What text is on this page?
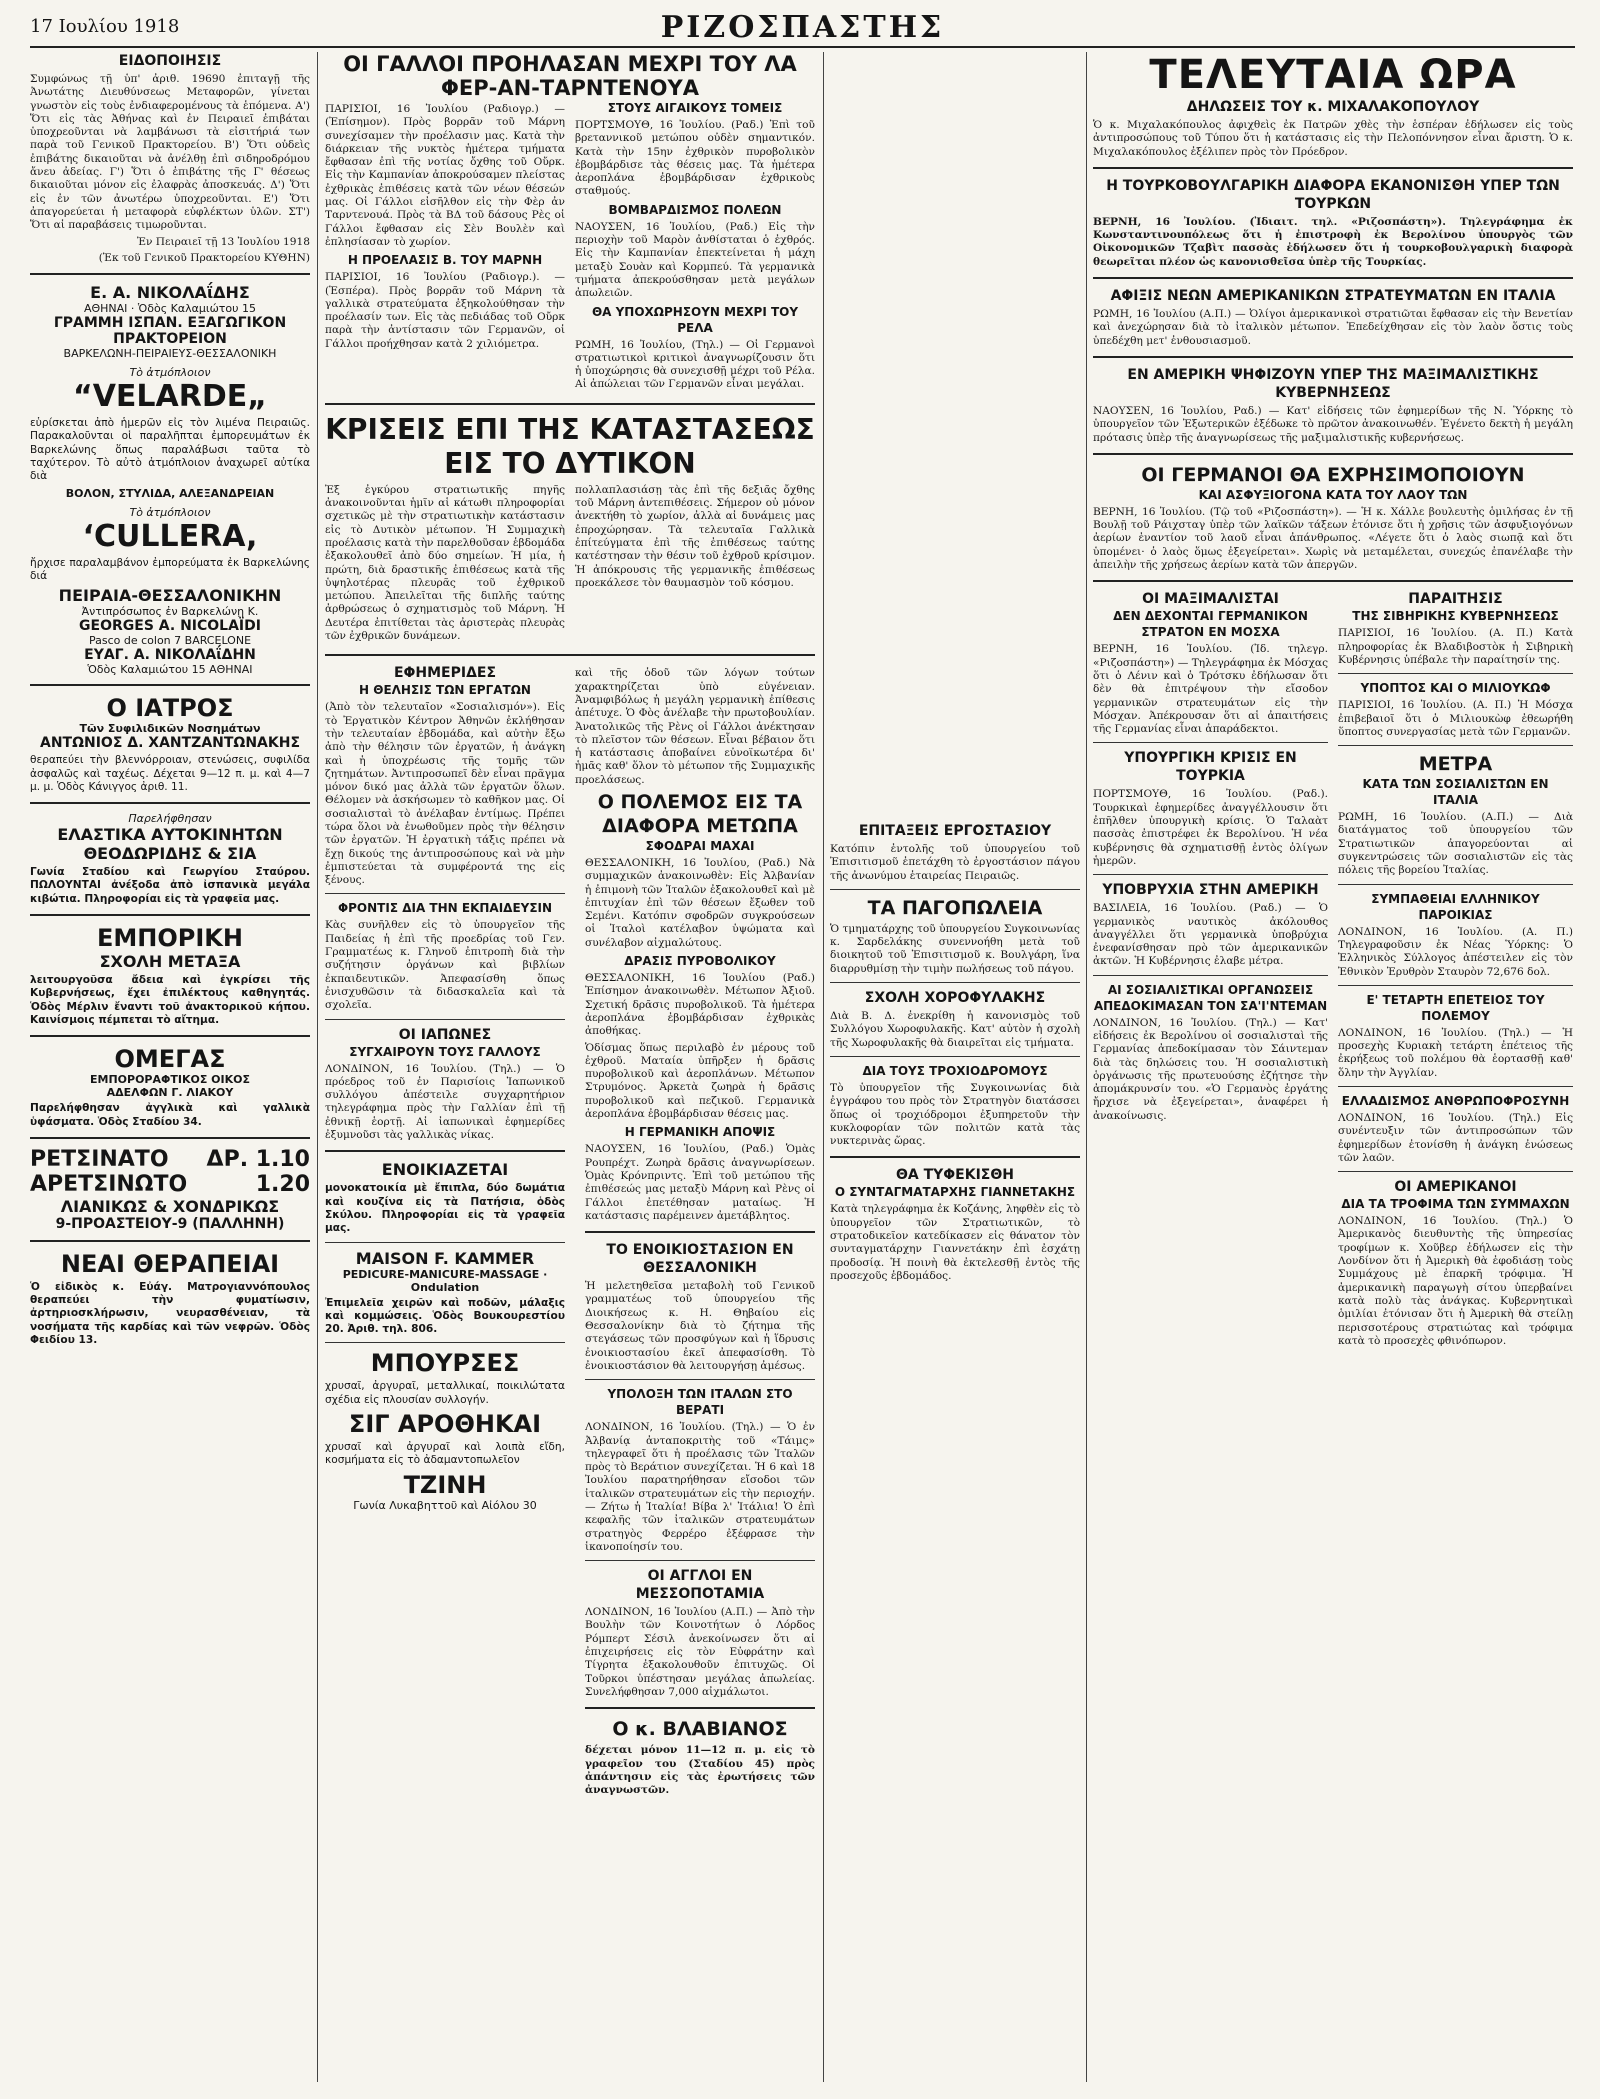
17 Ιουλίου 1918	ΡΙΖΟΣΠΑΣΤΗΣ
ΕΙΔΟΠΟΙΗΣΙΣ

Συμφώνως τῇ ὑπ' ἀριθ. 19690 ἐπιταγῇ τῆς Ἀνωτάτης Διευθύνσεως Μεταφορῶν, γίνεται γνωστὸν εἰς τοὺς ἐνδιαφερομένους τὰ ἑπόμενα. Α') Ὅτι εἰς τὰς Ἀθήνας καὶ ἐν Πειραιεῖ ἐπιβάται ὑποχρεοῦνται νὰ λαμβάνωσι τὰ εἰσιτήριά των παρὰ τοῦ Γενικοῦ Πρακτορείου. Β') Ὅτι οὐδεὶς ἐπιβάτης δικαιοῦται νὰ ἀνέλθῃ ἐπὶ σιδηροδρόμου ἄνευ ἀδείας. Γ') Ὅτι ὁ ἐπιβάτης τῆς Γ' θέσεως δικαιοῦται μόνον εἰς ἐλαφρὰς ἀποσκευάς. Δ') Ὅτι εἰς ἐν τῶν ἀνωτέρω ὑποχρεοῦνται. Ε') Ὅτι ἀπαγορεύεται ἡ μεταφορὰ εὐφλέκτων ὑλῶν. ΣΤ') Ὅτι αἱ παραβάσεις τιμωροῦνται.

Ἐν Πειραιεῖ τῇ 13 Ἰουλίου 1918

(Ἐκ τοῦ Γενικοῦ Πρακτορείου ΚΥΘΗΝ)

Ε. Α. ΝΙΚΟΛΑΐΔΗΣ
ΑΘΗΝΑΙ · Ὁδὸς Καλαμιώτου 15
ΓΡΑΜΜΗ ΙΣΠΑΝ. ΕΞΑΓΩΓΙΚΟΝ ΠΡΑΚΤΟΡΕΙΟΝ
ΒΑΡΚΕΛΩΝΗ-ΠΕΙΡΑΙΕΥΣ-ΘΕΣΣΑΛΟΝΙΚΗ
Τὸ ἀτμόπλοιον
“VELARDE„

εὑρίσκεται ἀπὸ ἡμερῶν εἰς τὸν λιμένα Πειραιῶς. Παρακαλοῦνται οἱ παραλῆπται ἐμπορευμάτων ἐκ Βαρκελώνης ὅπως παραλάβωσι ταῦτα τὸ ταχύτερον. Τὸ αὐτὸ ἀτμόπλοιον ἀναχωρεῖ αὐτίκα διὰ

ΒΟΛΟΝ, ΣΤΥΛΙΔΑ, ΑΛΕΞΑΝΔΡΕΙΑΝ
Τὸ ἀτμόπλοιον
‘CULLERA,

ἤρχισε παραλαμβάνον ἐμπορεύματα ἐκ Βαρκελώνης διά

ΠΕΙΡΑΙΑ-ΘΕΣΣΑΛΟΝΙΚΗΝ
Ἀντιπρόσωπος ἐν Βαρκελώνῃ Κ.
GEORGES A. NICOLAÏDI
Pasco de colon 7 BARCELONE
ΕΥΑΓ. Α. ΝΙΚΟΛΑΐΔΗΝ
Ὁδὸς Καλαμιώτου 15 ΑΘΗΝΑΙ
Ο ΙΑΤΡΟΣ
Τῶν Συφιλιδικῶν Νοσημάτων
ΑΝΤΩΝΙΟΣ Δ. ΧΑΝΤΖΑΝΤΩΝΑΚΗΣ

θεραπεύει τὴν βλεννόρροιαν, στενώσεις, συφιλίδα ἀσφαλῶς καὶ ταχέως. Δέχεται 9—12 π. μ. καὶ 4—7 μ. μ. Ὁδὸς Κάνιγγος ἀριθ. 11.

Παρελήφθησαν
ΕΛΑΣΤΙΚΑ ΑΥΤΟΚΙΝΗΤΩΝ
ΘΕΟΔΩΡΙΔΗΣ & ΣΙΑ

Γωνία Σταδίου καὶ Γεωργίου Σταύρου. ΠΩΛΟΥΝΤΑΙ ἀνέξοδα ἀπὸ ἰσπανικὰ μεγάλα κιβώτια. Πληροφορίαι εἰς τὰ γραφεῖα μας.

ΕΜΠΟΡΙΚΗ
ΣΧΟΛΗ ΜΕΤΑΞΑ

λειτουργοῦσα ἄδεια καὶ ἐγκρίσει τῆς Κυβερνήσεως, ἔχει ἐπιλέκτους καθηγητάς. Ὁδὸς Μέρλιν ἔναντι τοῦ ἀνακτορικοῦ κήπου. Καινίσμοις πέμπεται τὸ αἴτημα.

ΟΜΕΓΑΣ
ΕΜΠΟΡΟΡΑΦΤΙΚΟΣ ΟΙΚΟΣ
ΑΔΕΛΦΩΝ Γ. ΛΙΑΚΟΥ

Παρελήφθησαν ἀγγλικὰ καὶ γαλλικὰ ὑφάσματα. Ὁδὸς Σταδίου 34.

ΡΕΤΣΙΝΑΤΟ ΔΡ. 1.10
ΑΡΕΤΣΙΝΩΤΟ	1.20
ΛΙΑΝΙΚΩΣ & ΧΟΝΔΡΙΚΩΣ
9-ΠΡΟΑΣΤΕΙΟΥ-9 (ΠΑΛΛΗΝΗ)
ΝΕΑΙ ΘΕΡΑΠΕΙΑΙ

Ὁ εἰδικὸς κ. Εὐάγ. Ματρογιαννόπουλος θεραπεύει τὴν φυματίωσιν, ἀρτηριοσκλήρωσιν, νευρασθένειαν, τὰ νοσήματα τῆς καρδίας καὶ τῶν νεφρῶν. Ὁδὸς Φειδίου 13.

ΟΙ ΓΑΛΛΟΙ ΠΡΟΗΛΑΣΑΝ ΜΕΧΡΙ ΤΟΥ ΛΑ ΦΕΡ-ΑΝ-ΤΑΡΝΤΕΝΟΥΑ

ΠΑΡΙΣΙΟΙ, 16 Ἰουλίου (Ραδιογρ.) — (Ἐπίσημον). Πρὸς βορρᾶν τοῦ Μάρνη συνεχίσαμεν τὴν προέλασιν μας. Κατὰ τὴν διάρκειαν τῆς νυκτὸς ἡμέτερα τμήματα ἔφθασαν ἐπὶ τῆς νοτίας ὄχθης τοῦ Οὔρκ. Εἰς τὴν Καμπανίαν ἀποκρούσαμεν πλείστας ἐχθρικὰς ἐπιθέσεις κατὰ τῶν νέων θέσεών μας. Οἱ Γάλλοι εἰσῆλθον εἰς τὴν Φὲρ ἀν Ταρντενουά. Πρὸς τὰ ΒΔ τοῦ δάσους Ρὲς οἱ Γάλλοι ἔφθασαν εἰς Σὲν Βουλὲν καὶ ἐπλησίασαν τὸ χωρίον.

Η ΠΡΟΕΛΑΣΙΣ Β. ΤΟΥ ΜΑΡΝΗ

ΠΑΡΙΣΙΟΙ, 16 Ἰουλίου (Ραδιογρ.). — (Ἑσπέρα). Πρὸς βορρᾶν τοῦ Μάρνη τὰ γαλλικὰ στρατεύματα ἐξηκολούθησαν τὴν προέλασίν των. Εἰς τὰς πεδιάδας τοῦ Οὔρκ παρὰ τὴν ἀντίστασιν τῶν Γερμανῶν, οἱ Γάλλοι προήχθησαν κατὰ 2 χιλιόμετρα.

ΣΤΟΥΣ ΑΙΓΑΙΚΟΥΣ ΤΟΜΕΙΣ

ΠΟΡΤΣΜΟΥΘ, 16 Ἰουλίου. (Ραδ.) Ἐπὶ τοῦ βρεταννικοῦ μετώπου οὐδὲν σημαντικόν. Κατὰ τὴν 15ην ἐχθρικὸν πυροβολικὸν ἐβομβάρδισε τὰς θέσεις μας. Τὰ ἡμέτερα ἀεροπλάνα ἐβομβάρδισαν ἐχθρικοὺς σταθμούς.

ΒΟΜΒΑΡΔΙΣΜΟΣ ΠΟΛΕΩΝ

ΝΑΟΥΣΕΝ, 16 Ἰουλίου, (Ραδ.) Εἰς τὴν περιοχὴν τοῦ Μαρὸν ἀνθίσταται ὁ ἐχθρός. Εἰς τὴν Καμπανίαν ἐπεκτείνεται ἡ μάχη μεταξὺ Σουὰν καὶ Κορμπεύ. Τὰ γερμανικὰ τμήματα ἀπεκρούσθησαν μετὰ μεγάλων ἀπωλειῶν.

ΘΑ ΥΠΟΧΩΡΗΣΟΥΝ ΜΕΧΡΙ ΤΟΥ ΡΕΛΑ

ΡΩΜΗ, 16 Ἰουλίου, (Τηλ.) — Οἱ Γερμανοὶ στρατιωτικοὶ κριτικοὶ ἀναγνωρίζουσιν ὅτι ἡ ὑποχώρησις θὰ συνεχισθῇ μέχρι τοῦ Ρέλα. Αἱ ἀπώλειαι τῶν Γερμανῶν εἶναι μεγάλαι.

ΚΡΙΣΕΙΣ ΕΠΙ ΤΗΣ ΚΑΤΑΣΤΑΣΕΩΣ ΕΙΣ ΤΟ ΔΥΤΙΚΟΝ

Ἐξ ἐγκύρου στρατιωτικῆς πηγῆς ἀνακοινοῦνται ἡμῖν αἱ κάτωθι πληροφορίαι σχετικῶς μὲ τὴν στρατιωτικὴν κατάστασιν εἰς τὸ Δυτικὸν μέτωπον. Ἡ Συμμαχικὴ προέλασις κατὰ τὴν παρελθοῦσαν ἑβδομάδα ἐξακολουθεῖ ἀπὸ δύο σημείων. Ἡ μία, ἡ πρώτη, διὰ δραστικῆς ἐπιθέσεως κατὰ τῆς ὑψηλοτέρας πλευρᾶς τοῦ ἐχθρικοῦ μετώπου. Ἀπειλεῖται τῆς διπλῆς ταύτης ἀρθρώσεως ὁ σχηματισμὸς τοῦ Μάρνη. Ἡ Δευτέρα ἐπιτίθεται τὰς ἀριστερὰς πλευρὰς τῶν ἐχθρικῶν δυνάμεων.

πολλαπλασιάσῃ τὰς ἐπὶ τῆς δεξιᾶς ὄχθης τοῦ Μάρνη ἀντεπιθέσεις. Σήμερον οὐ μόνον ἀνεκτήθη τὸ χωρίον, ἀλλὰ αἱ δυνάμεις μας ἐπροχώρησαν. Τὰ τελευταῖα Γαλλικὰ ἐπίτεύγματα ἐπὶ τῆς ἐπιθέσεως ταύτης κατέστησαν τὴν θέσιν τοῦ ἐχθροῦ κρίσιμον. Ἡ ἀπόκρουσις τῆς γερμανικῆς ἐπιθέσεως προεκάλεσε τὸν θαυμασμὸν τοῦ κόσμου.

ΕΦΗΜΕΡΙΔΕΣ
Η ΘΕΛΗΣΙΣ ΤΩΝ ΕΡΓΑΤΩΝ

(Ἀπὸ τὸν τελευταῖον «Σοσιαλισμόν»). Εἰς τὸ Ἐργατικὸν Κέντρον Ἀθηνῶν ἐκλήθησαν τὴν τελευταίαν ἑβδομάδα, καὶ αὐτὴν ἔξω ἀπὸ τὴν θέλησιν τῶν ἐργατῶν, ἡ ἀνάγκη καὶ ἡ ὑποχρέωσις τῆς τομῆς τῶν ζητημάτων. Ἀντιπροσωπεῖ δὲν εἶναι πρᾶγμα μόνον δικό μας ἀλλὰ τῶν ἐργατῶν ὅλων. Θέλομεν νὰ ἀσκήσωμεν τὸ καθῆκον μας. Οἱ σοσιαλισταὶ τὸ ἀνέλαβαν ἐντίμως. Πρέπει τώρα ὅλοι νὰ ἐνωθοῦμεν πρὸς τὴν θέλησιν τῶν ἐργατῶν. Ἡ ἐργατικὴ τάξις πρέπει νὰ ἔχῃ δικούς της ἀντιπροσώπους καὶ νὰ μὴν ἐμπιστεύεται τὰ συμφέροντά της εἰς ξένους.

ΦΡΟΝΤΙΣ ΔΙΑ ΤΗΝ ΕΚΠΑΙΔΕΥΣΙΝ

Κὰς συνῆλθεν εἰς τὸ ὑπουργεῖον τῆς Παιδείας ἡ ἐπὶ τῆς προεδρίας τοῦ Γεν. Γραμματέως κ. Γληνοῦ ἐπιτροπὴ διὰ τὴν συζήτησιν ὀργάνων καὶ βιβλίων ἐκπαιδευτικῶν. Ἀπεφασίσθη ὅπως ἐνισχυθῶσιν τὰ διδασκαλεῖα καὶ τὰ σχολεῖα.

ΟΙ ΙΑΠΩΝΕΣ
ΣΥΓΧΑΙΡΟΥΝ ΤΟΥΣ ΓΑΛΛΟΥΣ

ΛΟΝΔΙΝΟΝ, 16 Ἰουλίου. (Τηλ.) — Ὁ πρόεδρος τοῦ ἐν Παρισίοις Ἰαπωνικοῦ συλλόγου ἀπέστειλε συγχαρητήριον τηλεγράφημα πρὸς τὴν Γαλλίαν ἐπὶ τῇ ἐθνικῇ ἑορτῇ. Αἱ ἰαπωνικαὶ ἐφημερίδες ἐξυμνοῦσι τὰς γαλλικὰς νίκας.

ΕΝΟΙΚΙΑΖΕΤΑΙ

μονοκατοικία μὲ ἔπιπλα, δύο δωμάτια καὶ κουζίνα εἰς τὰ Πατήσια, ὁδὸς Σκύλου. Πληροφορίαι εἰς τὰ γραφεῖα μας.

MAISON F. KAMMER
PEDICURE-MANICURE-MASSAGE · Ondulation

Ἐπιμελεῖα χειρῶν καὶ ποδῶν, μάλαξις καὶ κομμώσεις. Ὁδὸς Βουκουρεστίου 20. Ἀριθ. τηλ. 806.

ΜΠΟΥΡΣΕΣ

χρυσαῖ, ἀργυραῖ, μεταλλικαί, ποικιλώτατα σχέδια εἰς πλουσίαν συλλογήν.

ΣΙΓ ΑΡΟΘΗΚΑΙ

χρυσαῖ καὶ ἀργυραῖ καὶ λοιπὰ εἴδη, κοσμήματα εἰς τὸ ἀδαμαντοπωλεῖον

ΤΖΙΝΗ
Γωνία Λυκαβηττοῦ καὶ Αἰόλου 30

καὶ τῆς ὁδοῦ τῶν λόγων τούτων χαρακτηρίζεται ὑπὸ εὐγένειαν. Ἀναμφιβόλως ἡ μεγάλη γερμανικὴ ἐπίθεσις ἀπέτυχε. Ὁ Φὸς ἀνέλαβε τὴν πρωτοβουλίαν. Ἀνατολικῶς τῆς Ρὲνς οἱ Γάλλοι ἀνέκτησαν τὸ πλεῖστον τῶν θέσεων. Εἶναι βέβαιον ὅτι ἡ κατάστασις ἀποβαίνει εὐνοϊκωτέρα δι' ἡμᾶς καθ' ὅλον τὸ μέτωπον τῆς Συμμαχικῆς προελάσεως.

Ο ΠΟΛΕΜΟΣ ΕΙΣ ΤΑ ΔΙΑΦΟΡΑ ΜΕΤΩΠΑ
ΣΦΟΔΡΑΙ ΜΑΧΑΙ

ΘΕΣΣΑΛΟΝΙΚΗ, 16 Ἰουλίου, (Ραδ.) Νὰ συμμαχικῶν ἀνακοινωθὲν: Εἰς Ἀλβανίαν ἡ ἐπιμονὴ τῶν Ἰταλῶν ἐξακολουθεῖ καὶ μὲ ἐπιτυχίαν ἐπὶ τῶν θέσεων ἔξωθεν τοῦ Σεμένι. Κατόπιν σφοδρῶν συγκρούσεων οἱ Ἰταλοὶ κατέλαβον ὑψώματα καὶ συνέλαβον αἰχμαλώτους.

ΔΡΑΣΙΣ ΠΥΡΟΒΟΛΙΚΟΥ

ΘΕΣΣΑΛΟΝΙΚΗ, 16 Ἰουλίου (Ραδ.) Ἐπίσημον ἀνακοινωθὲν. Μέτωπον Ἀξιοῦ. Σχετική δρᾶσις πυροβολικοῦ. Τὰ ἡμέτερα ἀεροπλάνα ἐβομβάρδισαν ἐχθρικὰς ἀποθήκας.

Ὁδίσμας ὅπως περιλαβὸ ἐν μέρους τοῦ ἐχθροῦ. Ματαία ὑπῆρξεν ἡ δρᾶσις πυροβολικοῦ καὶ ἀεροπλάνων. Μέτωπον Στρυμόνος. Ἀρκετὰ ζωηρὰ ἡ δρᾶσις πυροβολικοῦ καὶ πεζικοῦ. Γερμανικὰ ἀεροπλάνα ἐβομβάρδισαν θέσεις μας.

Η ΓΕΡΜΑΝΙΚΗ ΑΠΟΨΙΣ

ΝΑΟΥΣΕΝ, 16 Ἰουλίου, (Ραδ.) Ὁμὰς Ρουπρέχτ. Ζωηρὰ δρᾶσις ἀναγνωρίσεων. Ὁμὰς Κρόνπριντς. Ἐπὶ τοῦ μετώπου τῆς ἐπιθέσεώς μας μεταξὺ Μάρνη καὶ Ρὲνς οἱ Γάλλοι ἐπετέθησαν ματαίως. Ἡ κατάστασις παρέμεινεν ἀμετάβλητος.

ΤΟ ΕΝΟΙΚΙΟΣΤΑΣΙΟΝ ΕΝ ΘΕΣΣΑΛΟΝΙΚΗ

Ἡ μελετηθεῖσα μεταβολὴ τοῦ Γενικοῦ γραμματέως τοῦ ὑπουργείου τῆς Διοικήσεως κ. Η. Θηβαίου εἰς Θεσσαλονίκην διὰ τὸ ζήτημα τῆς στεγάσεως τῶν προσφύγων καὶ ἡ ἵδρυσις ἐνοικιοστασίου ἐκεῖ ἀπεφασίσθη. Τὸ ἐνοικιοστάσιον θὰ λειτουργήσῃ ἀμέσως.

ΥΠΟΛΟΞΗ ΤΩΝ ΙΤΑΛΩΝ ΣΤΟ ΒΕΡΑΤΙ

ΛΟΝΔΙΝΟΝ, 16 Ἰουλίου. (Τηλ.) — Ὁ ἐν Ἀλβανίᾳ ἀνταποκριτὴς τοῦ «Τάιμς» τηλεγραφεῖ ὅτι ἡ προέλασις τῶν Ἰταλῶν πρὸς τὸ Βεράτιον συνεχίζεται. Ἡ 6 καὶ 18 Ἰουλίου παρατηρήθησαν εἴσοδοι τῶν ἰταλικῶν στρατευμάτων εἰς τὴν περιοχήν. — Ζήτω ἡ Ἰταλία! Βίβα λ' Ἰτάλια! Ὁ ἐπὶ κεφαλῆς τῶν ἰταλικῶν στρατευμάτων στρατηγὸς Φερρέρο ἐξέφρασε τὴν ἱκανοποίησίν του.

ΟΙ ΑΓΓΛΟΙ ΕΝ ΜΕΣΣΟΠΟΤΑΜΙΑ

ΛΟΝΔΙΝΟΝ, 16 Ἰουλίου (Α.Π.) — Ἀπὸ τὴν Βουλὴν τῶν Κοινοτήτων ὁ Λόρδος Ρόμπερτ Σέσιλ ἀνεκοίνωσεν ὅτι αἱ ἐπιχειρήσεις εἰς τὸν Εὐφράτην καὶ Τίγρητα ἐξακολουθοῦν ἐπιτυχῶς. Οἱ Τοῦρκοι ὑπέστησαν μεγάλας ἀπωλείας. Συνελήφθησαν 7,000 αἰχμάλωτοι.

Ο κ. ΒΛΑΒΙΑΝΟΣ

δέχεται μόνον 11—12 π. μ. εἰς τὸ γραφεῖον του (Σταδίου 45) πρὸς ἀπάντησιν εἰς τὰς ἐρωτήσεις τῶν ἀναγνωστῶν.

ΕΠΙΤΑΞΕΙΣ ΕΡΓΟΣΤΑΣΙΟΥ

Κατόπιν ἐντολῆς τοῦ ὑπουργείου τοῦ Ἐπισιτισμοῦ ἐπετάχθη τὸ ἐργοστάσιον πάγου τῆς ἀνωνύμου ἑταιρείας Πειραιῶς.

ΤΑ ΠΑΓΟΠΩΛΕΙΑ

Ὁ τμηματάρχης τοῦ ὑπουργείου Συγκοινωνίας κ. Σαρδελάκης συνεννοήθη μετὰ τοῦ διοικητοῦ τοῦ Ἐπισιτισμοῦ κ. Βουλγάρη, ἵνα διαρρυθμίσῃ τὴν τιμὴν πωλήσεως τοῦ πάγου.

ΣΧΟΛΗ ΧΟΡΟΦΥΛΑΚΗΣ

Διὰ Β. Δ. ἐνεκρίθη ἡ κανονισμὸς τοῦ Συλλόγου Χωροφυλακῆς. Κατ' αὐτὸν ἡ σχολὴ τῆς Χωροφυλακῆς θὰ διαιρεῖται εἰς τμήματα.

ΔΙΑ ΤΟΥΣ ΤΡΟΧΙΟΔΡΟΜΟΥΣ

Τὸ ὑπουργεῖον τῆς Συγκοινωνίας διὰ ἐγγράφου του πρὸς τὸν Στρατηγὸν διατάσσει ὅπως οἱ τροχιόδρομοι ἐξυπηρετοῦν τὴν κυκλοφορίαν τῶν πολιτῶν κατὰ τὰς νυκτερινὰς ὥρας.

ΘΑ ΤΥΦΕΚΙΣΘΗ
Ο ΣΥΝΤΑΓΜΑΤΑΡΧΗΣ ΓΙΑΝΝΕΤΑΚΗΣ

Κατὰ τηλεγράφημα ἐκ Κοζάνης, ληφθὲν εἰς τὸ ὑπουργεῖον τῶν Στρατιωτικῶν, τὸ στρατοδικεῖον κατεδίκασεν εἰς θάνατον τὸν συνταγματάρχην Γιαννετάκην ἐπὶ ἐσχάτῃ προδοσίᾳ. Ἡ ποινὴ θὰ ἐκτελεσθῇ ἐντὸς τῆς προσεχοῦς ἑβδομάδος.

ΤΕΛΕΥΤΑΙΑ ΩΡΑ
ΔΗΛΩΣΕΙΣ ΤΟΥ κ. ΜΙΧΑΛΑΚΟΠΟΥΛΟΥ

Ὁ κ. Μιχαλακόπουλος ἀφιχθεὶς ἐκ Πατρῶν χθὲς τὴν ἑσπέραν ἐδήλωσεν εἰς τοὺς ἀντιπροσώπους τοῦ Τύπου ὅτι ἡ κατάστασις εἰς τὴν Πελοπόννησον εἶναι ἄριστη. Ὁ κ. Μιχαλακόπουλος ἐξέλιπεν πρὸς τὸν Πρόεδρον.

Η ΤΟΥΡΚΟΒΟΥΛΓΑΡΙΚΗ ΔΙΑΦΟΡΑ ΕΚΑΝΟΝΙΣΘΗ ΥΠΕΡ ΤΩΝ ΤΟΥΡΚΩΝ

ΒΕΡΝΗ, 16 Ἰουλίου. (Ἰδιαιτ. τηλ. «Ριζοσπάστη»). Τηλεγράφημα ἐκ Κωνσταντινουπόλεως ὅτι ἡ ἐπιστροφὴ ἐκ Βερολίνου ὑπουργὸς τῶν Οἰκονομικῶν Τζαβὶτ πασσὰς ἐδήλωσεν ὅτι ἡ τουρκοβουλγαρικὴ διαφορὰ θεωρεῖται πλέον ὡς κανονισθεῖσα ὑπὲρ τῆς Τουρκίας.

ΑΦΙΞΙΣ ΝΕΩΝ ΑΜΕΡΙΚΑΝΙΚΩΝ ΣΤΡΑΤΕΥΜΑΤΩΝ ΕΝ ΙΤΑΛΙΑ

ΡΩΜΗ, 16 Ἰουλίου (Α.Π.) — Ὀλίγοι ἀμερικανικοὶ στρατιῶται ἔφθασαν εἰς τὴν Βενετίαν καὶ ἀνεχώρησαν διὰ τὸ ἰταλικὸν μέτωπον. Ἐπεδείχθησαν εἰς τὸν λαὸν ὅστις τοὺς ὑπεδέχθη μετ' ἐνθουσιασμοῦ.

ΕΝ ΑΜΕΡΙΚΗ ΨΗΦΙΖΟΥΝ ΥΠΕΡ ΤΗΣ ΜΑΞΙΜΑΛΙΣΤΙΚΗΣ ΚΥΒΕΡΝΗΣΕΩΣ

ΝΑΟΥΣΕΝ, 16 Ἰουλίου, Ραδ.) — Κατ' εἰδήσεις τῶν ἐφημερίδων τῆς Ν. Ὑόρκης τὸ ὑπουργεῖον τῶν Ἐξωτερικῶν ἐξέδωκε τὸ πρῶτον ἀνακοινωθέν. Ἐγένετο δεκτὴ ἡ μεγάλη πρότασις ὑπὲρ τῆς ἀναγνωρίσεως τῆς μαξιμαλιστικῆς κυβερνήσεως.

ΟΙ ΓΕΡΜΑΝΟΙ ΘΑ ΕΧΡΗΣΙΜΟΠΟΙΟΥΝ
ΚΑΙ ΑΣΦΥΞΙΟΓΟΝΑ ΚΑΤΑ ΤΟΥ ΛΑΟΥ ΤΩΝ

ΒΕΡΝΗ, 16 Ἰουλίου. (Τῷ τοῦ «Ριζοσπάστη»). — Ἡ κ. Χάλλε βουλευτὴς ὁμιλήσας ἐν τῇ Βουλῇ τοῦ Ράιχσταγ ὑπὲρ τῶν λαϊκῶν τάξεων ἐτόνισε ὅτι ἡ χρῆσις τῶν ἀσφυξιογόνων ἀερίων ἐναντίον τοῦ λαοῦ εἶναι ἀπάνθρωπος. «Λέγετε ὅτι ὁ λαὸς σιωπᾷ καὶ ὅτι ὑπομένει· ὁ λαὸς ὅμως ἐξεγείρεται». Χωρὶς νὰ μεταμέλεται, συνεχώς ἐπανέλαβε τὴν ἀπειλὴν τῆς χρήσεως ἀερίων κατὰ τῶν ἀπεργῶν.

ΟΙ ΜΑΞΙΜΑΛΙΣΤΑΙ
ΔΕΝ ΔΕΧΟΝΤΑΙ ΓΕΡΜΑΝΙΚΟΝ ΣΤΡΑΤΟΝ ΕΝ ΜΟΣΧΑ

ΒΕΡΝΗ, 16 Ἰουλίου. (Ἰδ. τηλεγρ. «Ριζοσπάστη») — Τηλεγράφημα ἐκ Μόσχας ὅτι ὁ Λένιν καὶ ὁ Τρότσκυ ἐδήλωσαν ὅτι δὲν θὰ ἐπιτρέψουν τὴν εἴσοδον γερμανικῶν στρατευμάτων εἰς τὴν Μόσχαν. Ἀπέκρουσαν ὅτι αἱ ἀπαιτήσεις τῆς Γερμανίας εἶναι ἀπαράδεκτοι.

ΥΠΟΥΡΓΙΚΗ ΚΡΙΣΙΣ ΕΝ ΤΟΥΡΚΙΑ

ΠΟΡΤΣΜΟΥΘ, 16 Ἰουλίου. (Ραδ.). Τουρκικαὶ ἐφημερίδες ἀναγγέλλουσιν ὅτι ἐπῆλθεν ὑπουργικὴ κρίσις. Ὁ Ταλαὰτ πασσὰς ἐπιστρέφει ἐκ Βερολίνου. Ἡ νέα κυβέρνησις θὰ σχηματισθῇ ἐντὸς ὀλίγων ἡμερῶν.

ΥΠΟΒΡΥΧΙΑ ΣΤΗΝ ΑΜΕΡΙΚΗ

ΒΑΣΙΛΕΙΑ, 16 Ἰουλίου. (Ραδ.) — Ὁ γερμανικὸς ναυτικὸς ἀκόλουθος ἀναγγέλλει ὅτι γερμανικὰ ὑποβρύχια ἐνεφανίσθησαν πρὸ τῶν ἀμερικανικῶν ἀκτῶν. Ἡ Κυβέρνησις ἐλαβε μέτρα.

ΑΙ ΣΟΣΙΑΛΙΣΤΙΚΑΙ ΟΡΓΑΝΩΣΕΙΣ
ΑΠΕΔΟΚΙΜΑΣΑΝ ΤΟΝ ΣΑ'Ι'ΝΤΕΜΑΝ

ΛΟΝΔΙΝΟΝ, 16 Ἰουλίου. (Τηλ.) — Κατ' εἰδήσεις ἐκ Βερολίνου οἱ σοσιαλισταὶ τῆς Γερμανίας ἀπεδοκίμασαν τὸν Σάιντεμαν διὰ τὰς δηλώσεις του. Ἡ σοσιαλιστικὴ ὁργάνωσις τῆς πρωτευούσης ἐζήτησε τὴν ἀπομάκρυνσίν του. «Ὁ Γερμανὸς ἐργάτης ἤρχισε νὰ ἐξεγείρεται», ἀναφέρει ἡ ἀνακοίνωσις.

ΠΑΡΑΙΤΗΣΙΣ
ΤΗΣ ΣΙΒΗΡΙΚΗΣ ΚΥΒΕΡΝΗΣΕΩΣ

ΠΑΡΙΣΙΟΙ, 16 Ἰουλίου. (Α. Π.) Κατὰ πληροφορίας ἐκ Βλαδιβοστὸκ ἡ Σιβηρικὴ Κυβέρνησις ὑπέβαλε τὴν παραίτησίν της.

ΥΠΟΠΤΟΣ ΚΑΙ Ο ΜΙΛΙΟΥΚΩΦ

ΠΑΡΙΣΙΟΙ, 16 Ἰουλίου. (Α. Π.) Ἡ Μόσχα ἐπιβεβαιοῖ ὅτι ὁ Μιλιουκὼφ ἐθεωρήθη ὕποπτος συνεργασίας μετὰ τῶν Γερμανῶν.

ΜΕΤΡΑ
ΚΑΤΑ ΤΩΝ ΣΟΣΙΑΛΙΣΤΩΝ ΕΝ ΙΤΑΛΙΑ

ΡΩΜΗ, 16 Ἰουλίου. (Α.Π.) — Διὰ διατάγματος τοῦ ὑπουργείου τῶν Στρατιωτικῶν ἀπαγορεύονται αἱ συγκεντρώσεις τῶν σοσιαλιστῶν εἰς τὰς πόλεις τῆς βορείου Ἰταλίας.

ΣΥΜΠΑΘΕΙΑΙ ΕΛΛΗΝΙΚΟΥ ΠΑΡΟΙΚΙΑΣ

ΛΟΝΔΙΝΟΝ, 16 Ἰουλίου. (Α. Π.) Τηλεγραφοῦσιν ἐκ Νέας Ὑόρκης: Ὁ Ἑλληνικὸς Σύλλογος ἀπέστειλεν εἰς τὸν Ἐθνικὸν Ἐρυθρὸν Σταυρὸν 72,676 δολ.

Ε' ΤΕΤΑΡΤΗ ΕΠΕΤΕΙΟΣ ΤΟΥ ΠΟΛΕΜΟΥ

ΛΟΝΔΙΝΟΝ, 16 Ἰουλίου. (Τηλ.) — Ἡ προσεχὴς Κυριακὴ τετάρτη ἐπέτειος τῆς ἐκρήξεως τοῦ πολέμου θὰ ἑορτασθῇ καθ' ὅλην τὴν Ἀγγλίαν.

ΕΛΛΑΔΙΣΜΟΣ ΑΝΘΡΩΠΟΦΡΟΣΥΝΗ

ΛΟΝΔΙΝΟΝ, 16 Ἰουλίου. (Τηλ.) Εἰς συνέντευξιν τῶν ἀντιπροσώπων τῶν ἐφημερίδων ἐτονίσθη ἡ ἀνάγκη ἐνώσεως τῶν λαῶν.

ΟΙ ΑΜΕΡΙΚΑΝΟΙ
ΔΙΑ ΤΑ ΤΡΟΦΙΜΑ ΤΩΝ ΣΥΜΜΑΧΩΝ

ΛΟΝΔΙΝΟΝ, 16 Ἰουλίου. (Τηλ.) Ὁ Ἀμερικανὸς διευθυντὴς τῆς ὑπηρεσίας τροφίμων κ. Χοῦβερ ἐδήλωσεν εἰς τὴν Λονδίνον ὅτι ἡ Ἀμερικὴ θὰ ἐφοδιάσῃ τοὺς Συμμάχους μὲ ἐπαρκῆ τρόφιμα. Ἡ ἀμερικανικὴ παραγωγὴ σίτου ὑπερβαίνει κατὰ πολὺ τὰς ἀνάγκας. Κυβερνητικαὶ ὁμιλίαι ἐτόνισαν ὅτι ἡ Ἀμερικὴ θὰ στείλῃ περισσοτέρους στρατιώτας καὶ τρόφιμα κατὰ τὸ προσεχὲς φθινόπωρον.
